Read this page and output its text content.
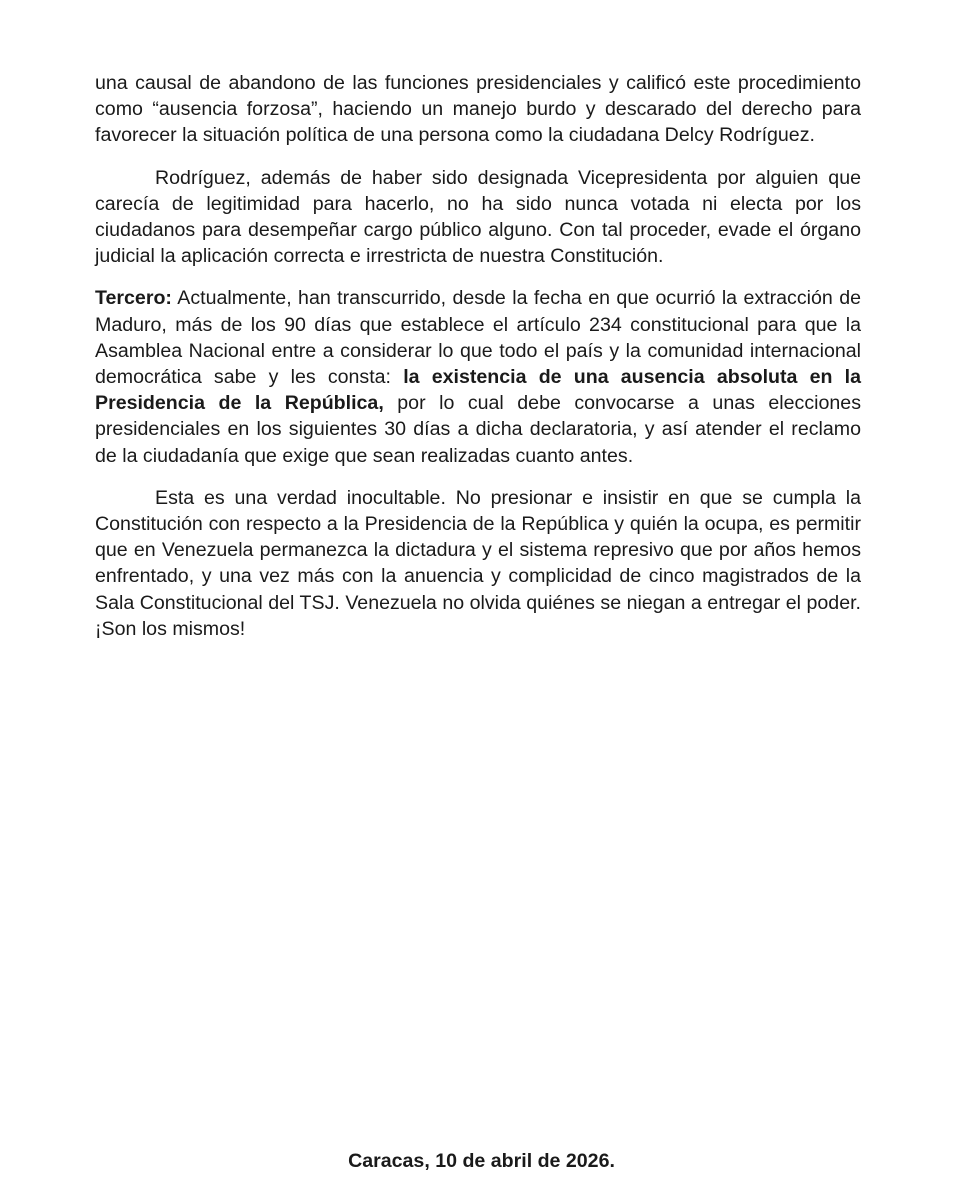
una causal de abandono de las funciones presidenciales y calificó este procedimiento como “ausencia forzosa”, haciendo un manejo burdo y descarado del derecho para favorecer la situación política de una persona como la ciudadana Delcy Rodríguez.

Rodríguez, además de haber sido designada Vicepresidenta por alguien que carecía de legitimidad para hacerlo, no ha sido nunca votada ni electa por los ciudadanos para desempeñar cargo público alguno. Con tal proceder, evade el órgano judicial la aplicación correcta e irrestricta de nuestra Constitución.

Tercero: Actualmente, han transcurrido, desde la fecha en que ocurrió la extracción de Maduro, más de los 90 días que establece el artículo 234 constitucional para que la Asamblea Nacional entre a considerar lo que todo el país y la comunidad internacional democrática sabe y les consta: la existencia de una ausencia absoluta en la Presidencia de la República, por lo cual debe convocarse a unas elecciones presidenciales en los siguientes 30 días a dicha declaratoria, y así atender el reclamo de la ciudadanía que exige que sean realizadas cuanto antes.

Esta es una verdad inocultable. No presionar e insistir en que se cumpla la Constitución con respecto a la Presidencia de la República y quién la ocupa, es permitir que en Venezuela permanezca la dictadura y el sistema represivo que por años hemos enfrentado, y una vez más con la anuencia y complicidad de cinco magistrados de la Sala Constitucional del TSJ. Venezuela no olvida quiénes se niegan a entregar el poder. ¡Son los mismos!

Caracas, 10 de abril de 2026.
